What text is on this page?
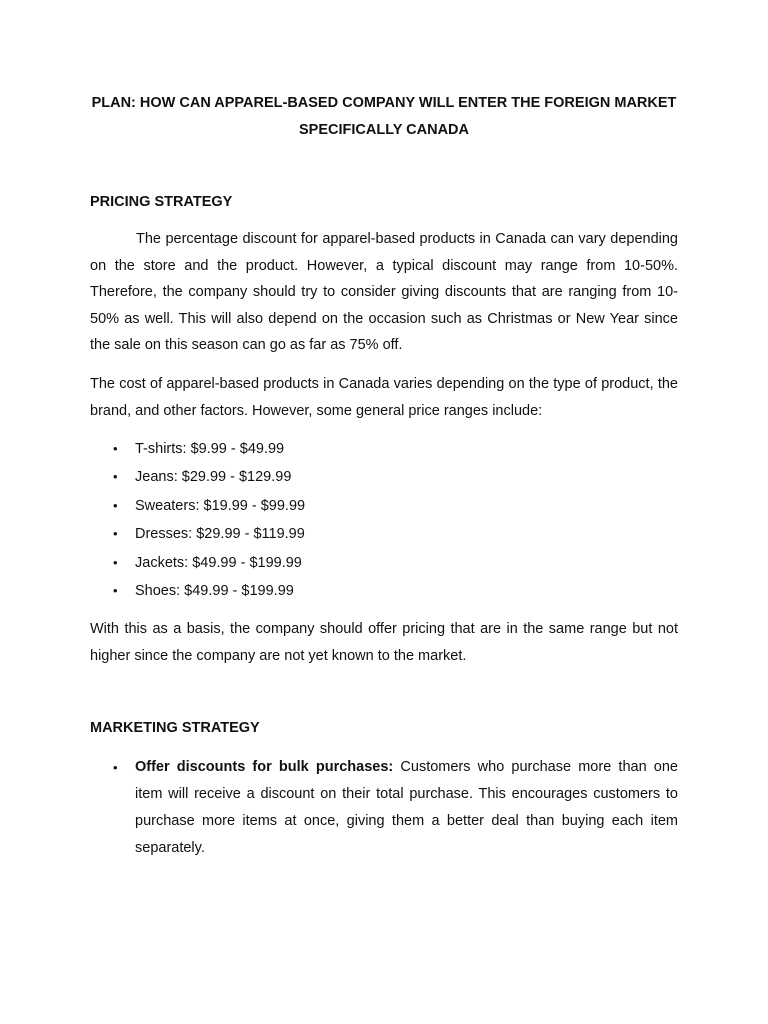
PLAN: HOW CAN APPAREL-BASED COMPANY WILL ENTER THE FOREIGN MARKET SPECIFICALLY CANADA

PRICING STRATEGY

The percentage discount for apparel-based products in Canada can vary depending on the store and the product. However, a typical discount may range from 10-50%. Therefore, the company should try to consider giving discounts that are ranging from 10-50% as well. This will also depend on the occasion such as Christmas or New Year since the sale on this season can go as far as 75% off.

The cost of apparel-based products in Canada varies depending on the type of product, the brand, and other factors. However, some general price ranges include:

• T-shirts: $9.99 - $49.99
• Jeans: $29.99 - $129.99
• Sweaters: $19.99 - $99.99
• Dresses: $29.99 - $119.99
• Jackets: $49.99 - $199.99
• Shoes: $49.99 - $199.99

With this as a basis, the company should offer pricing that are in the same range but not higher since the company are not yet known to the market.

MARKETING STRATEGY

• Offer discounts for bulk purchases: Customers who purchase more than one item will receive a discount on their total purchase. This encourages customers to purchase more items at once, giving them a better deal than buying each item separately.
